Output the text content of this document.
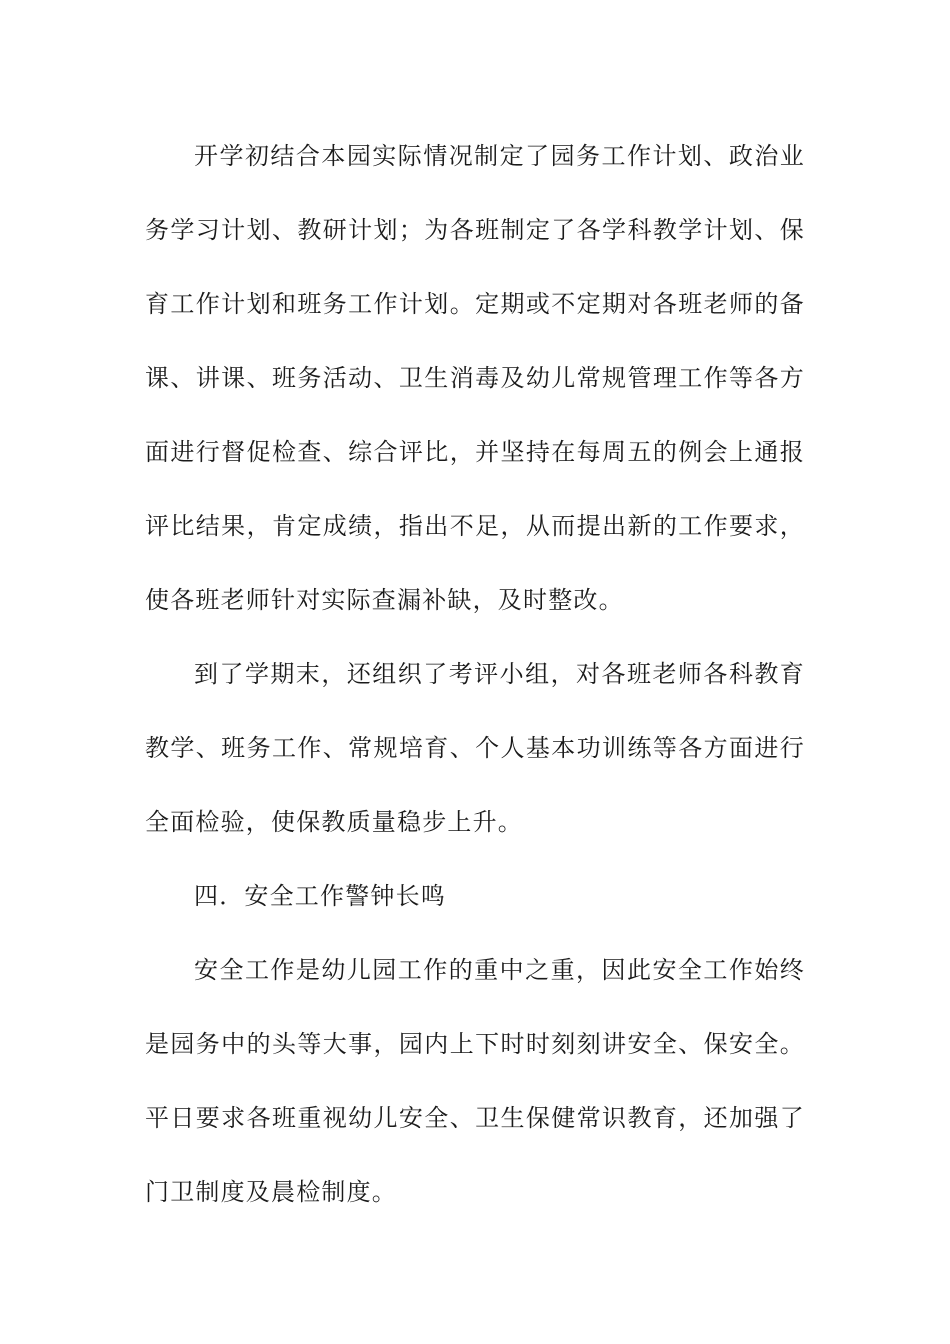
开学初结合本园实际情况制定了园务工作计划、政治业务学习计划、教研计划；为各班制定了各学科教学计划、保育工作计划和班务工作计划。定期或不定期对各班老师的备课、讲课、班务活动、卫生消毒及幼儿常规管理工作等各方面进行督促检查、综合评比，并坚持在每周五的例会上通报评比结果，肯定成绩，指出不足，从而提出新的工作要求，使各班老师针对实际查漏补缺，及时整改。

到了学期末，还组织了考评小组，对各班老师各科教育教学、班务工作、常规培育、个人基本功训练等各方面进行全面检验，使保教质量稳步上升。

四．安全工作警钟长鸣

安全工作是幼儿园工作的重中之重，因此安全工作始终是园务中的头等大事，园内上下时时刻刻讲安全、保安全。平日要求各班重视幼儿安全、卫生保健常识教育，还加强了门卫制度及晨检制度。
